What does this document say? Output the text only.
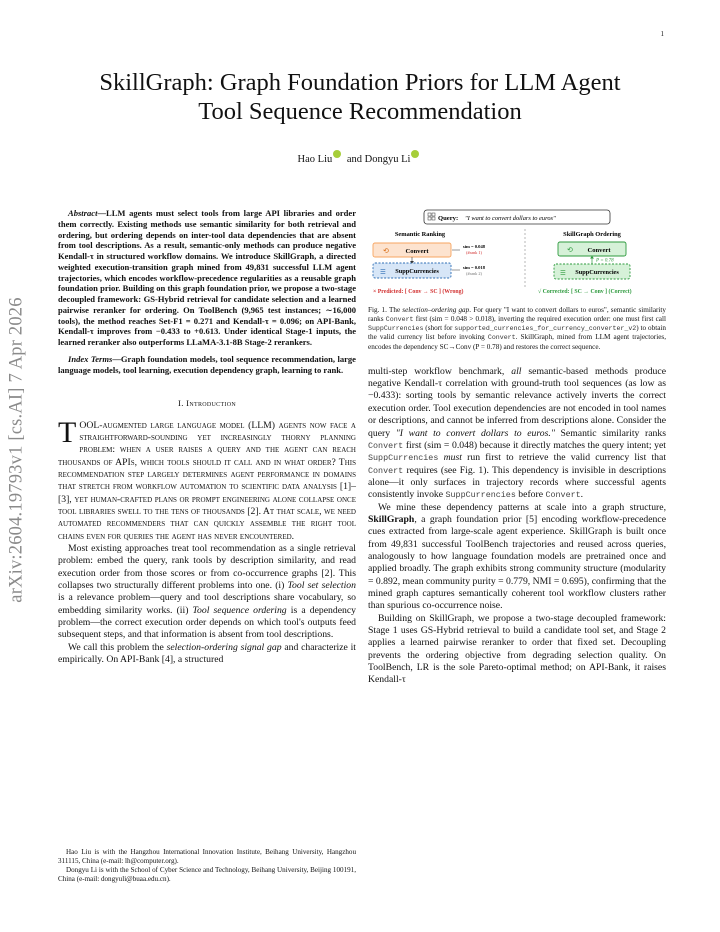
1
arXiv:2604.19793v1 [cs.AI] 7 Apr 2026
SkillGraph: Graph Foundation Priors for LLM Agent Tool Sequence Recommendation
Hao Liu and Dongyu Li

Abstract—LLM agents must select tools from large API libraries and order them correctly. Existing methods use semantic similarity for both retrieval and ordering, but ordering depends on inter-tool data dependencies that are absent from tool descriptions. As a result, semantic-only methods can produce negative Kendall-τ in structured workflow domains. We introduce SkillGraph, a directed weighted execution-transition graph mined from 49,831 successful LLM agent trajectories, which encodes workflow-precedence regularities as a reusable graph foundation prior. Building on this graph foundation prior, we propose a two-stage decoupled framework: GS-Hybrid retrieval for candidate selection and a learned pairwise reranker for ordering. On ToolBench (9,965 test instances; ∼16,000 tools), the method reaches Set-F1 = 0.271 and Kendall-τ = 0.096; on API-Bank, Kendall-τ improves from −0.433 to +0.613. Under identical Stage-1 inputs, the learned reranker also outperforms LLaMA-3.1-8B Stage-2 rerankers.

Index Terms—Graph foundation models, tool sequence recommendation, large language models, tool learning, execution dependency graph, learning to rank.

I. Introduction

TOOL-augmented large language model (LLM) agents now face a straightforward-sounding yet increasingly thorny planning problem: when a user raises a query and the agent can reach thousands of APIs, which tools should it call and in what order? This recommendation step largely determines agent performance in domains that stretch from workflow automation to scientific data analysis [1]–[3], yet human-crafted plans or prompt engineering alone collapse once tool libraries swell to the tens of thousands [2]. At that scale, we need automated recommenders that can quickly assemble the right tool chains even for queries the agent has never encountered.

Most existing approaches treat tool recommendation as a single retrieval problem: embed the query, rank tools by description similarity, and read execution order from those scores or from co-occurrence graphs [2]. This collapses two structurally different problems into one. (i) Tool set selection is a relevance problem—query and tool descriptions share vocabulary, so embedding similarity works. (ii) Tool sequence ordering is a dependency problem—the correct execution order depends on which tool's outputs feed subsequent steps, and that information is absent from tool descriptions.

We call this problem the selection-ordering signal gap and characterize it empirically. On API-Bank [4], a structured

Hao Liu is with the Hangzhou International Innovation Institute, Beihang University, Hangzhou 311115, China (e-mail: lh@computer.org).

Dongyu Li is with the School of Cyber Science and Technology, Beihang University, Beijing 100191, China (e-mail: dongyuli@buaa.edu.cn).

Query: "I want to convert dollars to euros"
Semantic Ranking	SkillGraph Ordering
⟲	Convert
sim = 0.048
(#rank 1)
☰ SuppCurrencies
sim = 0.018
(#rank 2)
⟲ Convert
P = 0.78
☰ SuppCurrencies
× Predicted: [ Conv → SC ] (Wrong)	√ Corrected: [ SC → Conv ] (Correct)

Fig. 1. The selection–ordering gap. For query "I want to convert dollars to euros", semantic similarity ranks Convert first (sim = 0.048 > 0.018), inverting the required execution order: one must first call SuppCurrencies (short for supported_currencies_for_currency_converter_v2) to obtain the valid currency list before invoking Convert. SkillGraph, mined from LLM agent trajectories, encodes the dependency SC→Conv (P = 0.78) and restores the correct sequence.

multi-step workflow benchmark, all semantic-based methods produce negative Kendall-τ correlation with ground-truth tool sequences (as low as −0.433): sorting tools by semantic relevance actively inverts the correct execution order. Tool execution dependencies are not encoded in tool names or descriptions, and cannot be inferred from descriptions alone. Consider the query "I want to convert dollars to euros." Semantic similarity ranks Convert first (sim = 0.048) because it directly matches the query intent; yet SuppCurrencies must run first to retrieve the valid currency list that Convert requires (see Fig. 1). This dependency is invisible in descriptions alone—it only surfaces in trajectory records where successful agents consistently invoke SuppCurrencies before Convert.

We mine these dependency patterns at scale into a graph structure, SkillGraph, a graph foundation prior [5] encoding workflow-precedence cues extracted from large-scale agent experience. SkillGraph is built once from 49,831 successful ToolBench trajectories and reused across queries, analogously to how language foundation models are pretrained once and applied broadly. The graph exhibits strong community structure (modularity = 0.892, mean community purity = 0.779, NMI = 0.695), confirming that the mined graph captures semantically coherent tool workflow clusters rather than spurious co-occurrence noise.

Building on SkillGraph, we propose a two-stage decoupled framework: Stage 1 uses GS-Hybrid retrieval to build a candidate tool set, and Stage 2 applies a learned pairwise reranker to order that fixed set. Decoupling prevents the ordering objective from degrading selection quality. On ToolBench, LR is the sole Pareto-optimal method; on API-Bank, it raises Kendall-τ
